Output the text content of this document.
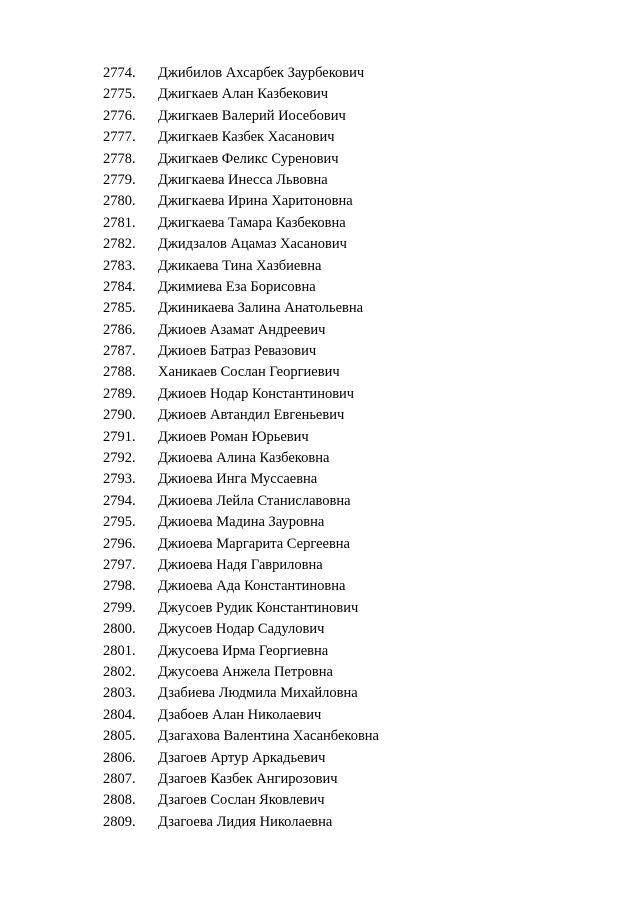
2774. Джибилов Ахсарбек Заурбекович
2775. Джигкаев Алан Казбекович
2776. Джигкаев Валерий Иосебович
2777. Джигкаев Казбек Хасанович
2778. Джигкаев Феликс Суренович
2779. Джигкаева Инесса Львовна
2780. Джигкаева Ирина Харитоновна
2781. Джигкаева Тамара Казбековна
2782. Джидзалов Ацамаз Хасанович
2783. Джикаева Тина Хазбиевна
2784. Джимиева Еза Борисовна
2785. Джиникаева Залина Анатольевна
2786. Джиоев Азамат Андреевич
2787. Джиоев Батраз Ревазович
2788. Ханикаев Сослан Георгиевич
2789. Джиоев Нодар Константинович
2790. Джиоев Автандил Евгеньевич
2791. Джиоев Роман Юрьевич
2792. Джиоева Алина Казбековна
2793. Джиоева Инга Муссаевна
2794. Джиоева Лейла Станиславовна
2795. Джиоева Мадина Зауровна
2796. Джиоева Маргарита Сергеевна
2797. Джиоева Надя Гавриловна
2798. Джиоева Ада Константиновна
2799. Джусоев Рудик Константинович
2800. Джусоев Нодар Садулович
2801. Джусоева Ирма Георгиевна
2802. Джусоева Анжела Петровна
2803. Дзабиева Людмила Михайловна
2804. Дзабоев Алан Николаевич
2805. Дзагахова Валентина Хасанбековна
2806. Дзагоев Артур Аркадьевич
2807. Дзагоев Казбек Ангирозович
2808. Дзагоев Сослан Яковлевич
2809. Дзагоева Лидия Николаевна
